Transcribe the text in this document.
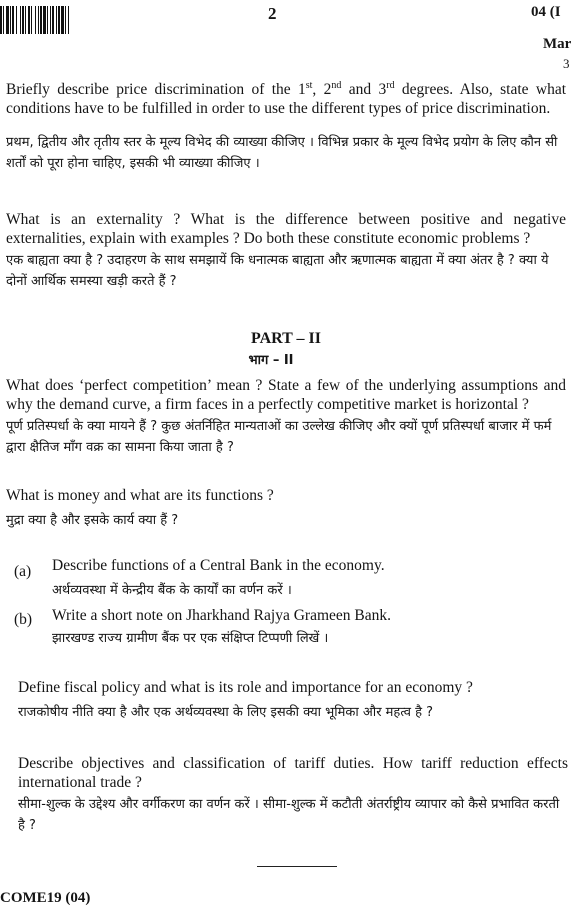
2	04 (I
Mar
3
Briefly describe price discrimination of the 1st, 2nd and 3rd degrees. Also, state what conditions have to be fulfilled in order to use the different types of price discrimination.
प्रथम, द्वितीय और तृतीय स्तर के मूल्य विभेद की व्याख्या कीजिए । विभिन्न प्रकार के मूल्य विभेद प्रयोग के लिए कौन सी शर्तों को पूरा होना चाहिए, इसकी भी व्याख्या कीजिए ।
What is an externality ? What is the difference between positive and negative externalities, explain with examples ? Do both these constitute economic problems ?
एक बाह्यता क्या है ? उदाहरण के साथ समझायें कि धनात्मक बाह्यता और ऋणात्मक बाह्यता में क्या अंतर है ? क्या ये दोनों आर्थिक समस्या खड़ी करते हैं ?
PART – II
भाग – II
What does ‘perfect competition’ mean ? State a few of the underlying assumptions and why the demand curve, a firm faces in a perfectly competitive market is horizontal ?
पूर्ण प्रतिस्पर्धा के क्या मायने हैं ? कुछ अंतर्निहित मान्यताओं का उल्लेख कीजिए और क्यों पूर्ण प्रतिस्पर्धा बाजार में फर्म द्वारा क्षैतिज माँग वक्र का सामना किया जाता है ?
What is money and what are its functions ?
मुद्रा क्या है और इसके कार्य क्या हैं ?
(a) Describe functions of a Central Bank in the economy.
अर्थव्यवस्था में केन्द्रीय बैंक के कार्यों का वर्णन करें ।
(b) Write a short note on Jharkhand Rajya Grameen Bank.
झारखण्ड राज्य ग्रामीण बैंक पर एक संक्षिप्त टिप्पणी लिखें ।
Define fiscal policy and what is its role and importance for an economy ?
राजकोषीय नीति क्या है और एक अर्थव्यवस्था के लिए इसकी क्या भूमिका और महत्व है ?
Describe objectives and classification of tariff duties. How tariff reduction effects international trade ?
सीमा-शुल्क के उद्देश्य और वर्गीकरण का वर्णन करें । सीमा-शुल्क में कटौती अंतर्राष्ट्रीय व्यापार को कैसे प्रभावित करती है ?
COME19 (04)
